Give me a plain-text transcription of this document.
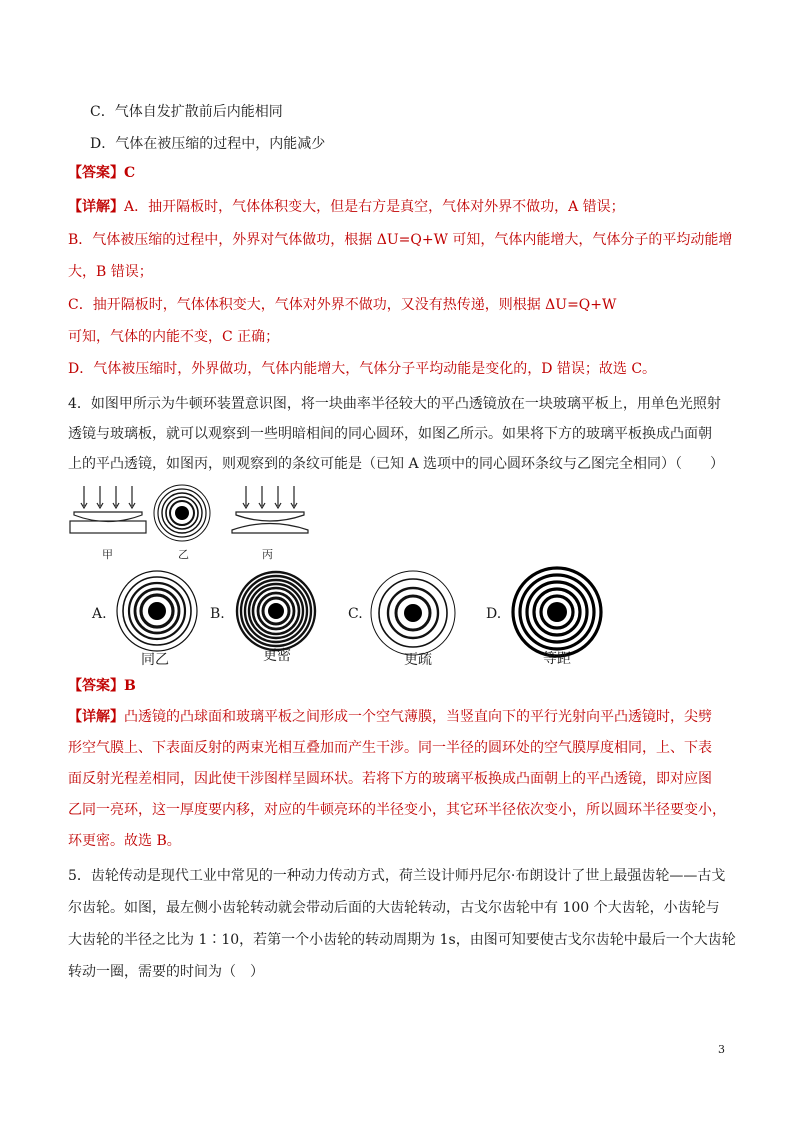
C．气体自发扩散前后内能相同
D．气体在被压缩的过程中，内能减少
【答案】C
【详解】A．抽开隔板时，气体体积变大，但是右方是真空，气体对外界不做功，A 错误；
B．气体被压缩的过程中，外界对气体做功，根据 ΔU=Q+W 可知，气体内能增大，气体分子的平均动能增
大，B 错误；
C．抽开隔板时，气体体积变大，气体对外界不做功，又没有热传递，则根据 ΔU=Q+W
可知，气体的内能不变，C 正确；
D．气体被压缩时，外界做功，气体内能增大，气体分子平均动能是变化的，D 错误；故选 C。
4．如图甲所示为牛顿环装置意识图，将一块曲率半径较大的平凸透镜放在一块玻璃平板上，用单色光照射
透镜与玻璃板，就可以观察到一些明暗相间的同心圆环，如图乙所示。如果将下方的玻璃平板换成凸面朝
上的平凸透镜，如图丙，则观察到的条纹可能是（已知 A 选项中的同心圆环条纹与乙图完全相同）（　　）
甲	乙	丙
A.
同乙
B.
更密
C.
更疏
D.
等距
【答案】B
【详解】凸透镜的凸球面和玻璃平板之间形成一个空气薄膜，当竖直向下的平行光射向平凸透镜时，尖劈
形空气膜上、下表面反射的两束光相互叠加而产生干涉。同一半径的圆环处的空气膜厚度相同，上、下表
面反射光程差相同，因此使干涉图样呈圆环状。若将下方的玻璃平板换成凸面朝上的平凸透镜，即对应图
乙同一亮环，这一厚度要内移，对应的牛顿亮环的半径变小，其它环半径依次变小，所以圆环半径要变小，
环更密。故选 B。
5．齿轮传动是现代工业中常见的一种动力传动方式，荷兰设计师丹尼尔·布朗设计了世上最强齿轮——古戈
尔齿轮。如图，最左侧小齿轮转动就会带动后面的大齿轮转动，古戈尔齿轮中有 100 个大齿轮，小齿轮与
大齿轮的半径之比为 1∶10，若第一个小齿轮的转动周期为 1s，由图可知要使古戈尔齿轮中最后一个大齿轮
转动一圈，需要的时间为（　）
3
